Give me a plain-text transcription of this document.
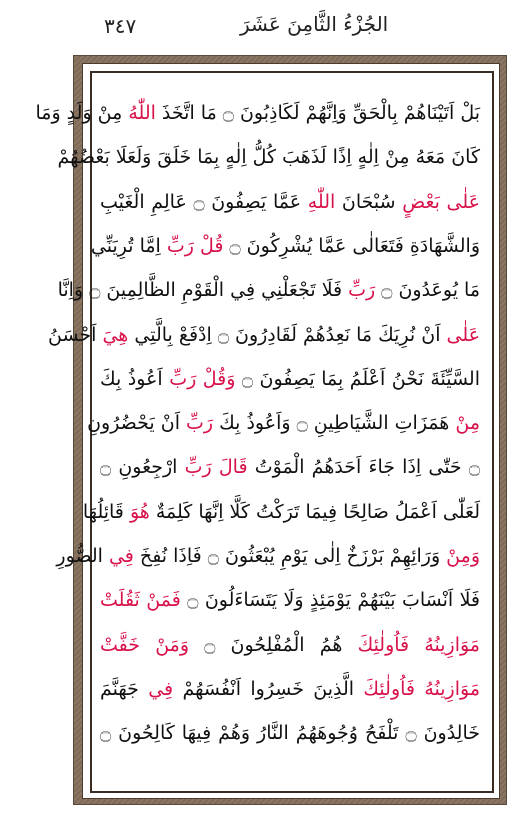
٣٤٧	الجُزْءُ الثَّامِنَ عَشَرَ
بَلْ اَتَيْنَاهُمْ بِالْحَقِّ وَاِنَّهُمْ لَكَاذِبُونَ ۝ مَا اتَّخَذَ اللّٰهُ مِنْ وَلَدٍ وَمَا
كَانَ مَعَهُ مِنْ اِلٰهٍ اِذًا لَذَهَبَ كُلُّ اِلٰهٍ بِمَا خَلَقَ وَلَعَلَا بَعْضُهُمْ
عَلٰى بَعْضٍ سُبْحَانَ اللّٰهِ عَمَّا يَصِفُونَ ۝ عَالِمِ الْغَيْبِ
وَالشَّهَادَةِ فَتَعَالٰى عَمَّا يُشْرِكُونَ ۝ قُلْ رَبِّ اِمَّا تُرِيَنِّي
مَا يُوعَدُونَ ۝ رَبِّ فَلَا تَجْعَلْنِي فِي الْقَوْمِ الظَّالِمِينَ ۝ وَاِنَّا
عَلٰى اَنْ نُرِيَكَ مَا نَعِدُهُمْ لَقَادِرُونَ ۝ اِدْفَعْ بِالَّتِي هِيَ اَحْسَنُ
السَّيِّئَةَ نَحْنُ اَعْلَمُ بِمَا يَصِفُونَ ۝ وَقُلْ رَبِّ اَعُوذُ بِكَ
مِنْ هَمَزَاتِ الشَّيَاطِينِ ۝ وَاَعُوذُ بِكَ رَبِّ اَنْ يَحْضُرُونِ
۝ حَتّٰى اِذَا جَاءَ اَحَدَهُمُ الْمَوْتُ قَالَ رَبِّ ارْجِعُونِ ۝
لَعَلّٰى اَعْمَلُ صَالِحًا فِيمَا تَرَكْتُ كَلَّا اِنَّهَا كَلِمَةٌ هُوَ قَائِلُهَا
وَمِنْ وَرَائِهِمْ بَرْزَخٌ اِلٰى يَوْمِ يُبْعَثُونَ ۝ فَاِذَا نُفِخَ فِي الصُّورِ
فَلَا اَنْسَابَ بَيْنَهُمْ يَوْمَئِذٍ وَلَا يَتَسَاءَلُونَ ۝ فَمَنْ ثَقُلَتْ
مَوَازِينُهُ فَاُولٰئِكَ هُمُ الْمُفْلِحُونَ ۝ وَمَنْ خَفَّتْ
مَوَازِينُهُ فَاُولٰئِكَ الَّذِينَ خَسِرُوا اَنْفُسَهُمْ فِي جَهَنَّمَ
خَالِدُونَ ۝ تَلْفَحُ وُجُوهَهُمُ النَّارُ وَهُمْ فِيهَا كَالِحُونَ ۝
